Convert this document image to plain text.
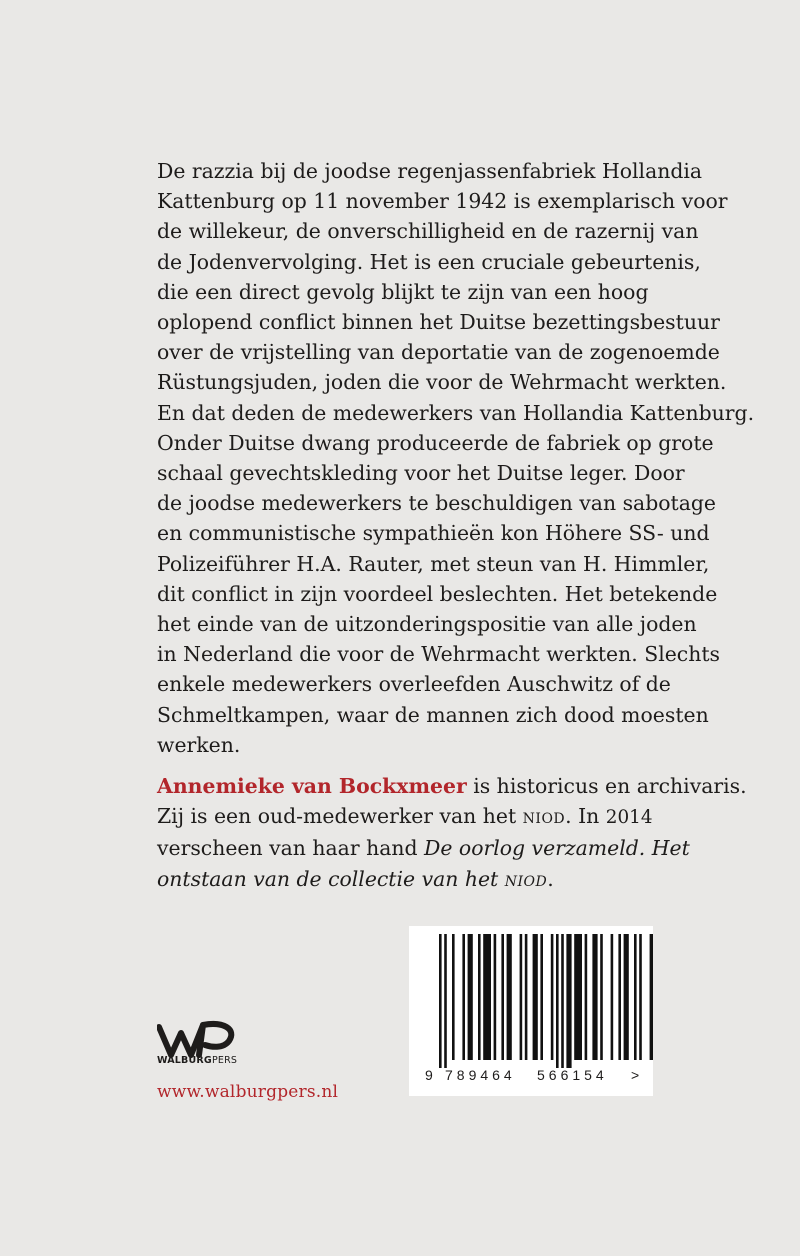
De razzia bij de joodse regenjassenfabriek Hollandia
Kattenburg op 11 november 1942 is exemplarisch voor
de willekeur, de onverschilligheid en de razernij van
de Jodenvervolging. Het is een cruciale gebeurtenis,
die een direct gevolg blijkt te zijn van een hoog
oplopend conflict binnen het Duitse bezettingsbestuur
over de vrijstelling van deportatie van de zogenoemde
Rüstungsjuden, joden die voor de Wehrmacht werkten.
En dat deden de medewerkers van Hollandia Kattenburg.
Onder Duitse dwang produceerde de fabriek op grote
schaal gevechtskleding voor het Duitse leger. Door
de joodse medewerkers te beschuldigen van sabotage
en communistische sympathieën kon Höhere SS- und
Polizeiführer H.A. Rauter, met steun van H. Himmler,
dit conflict in zijn voordeel beslechten. Het betekende
het einde van de uitzonderingspositie van alle joden
in Nederland die voor de Wehrmacht werkten. Slechts
enkele medewerkers overleefden Auschwitz of de
Schmeltkampen, waar de mannen zich dood moesten
werken.
Annemieke van Bockxmeer is historicus en archivaris.
Zij is een oud-medewerker van het niod. In 2014
verscheen van haar hand De oorlog verzameld. Het
ontstaan van de collectie van het niod.
WALBURGPERS
www.walburgpers.nl
9 789464 566154 >
